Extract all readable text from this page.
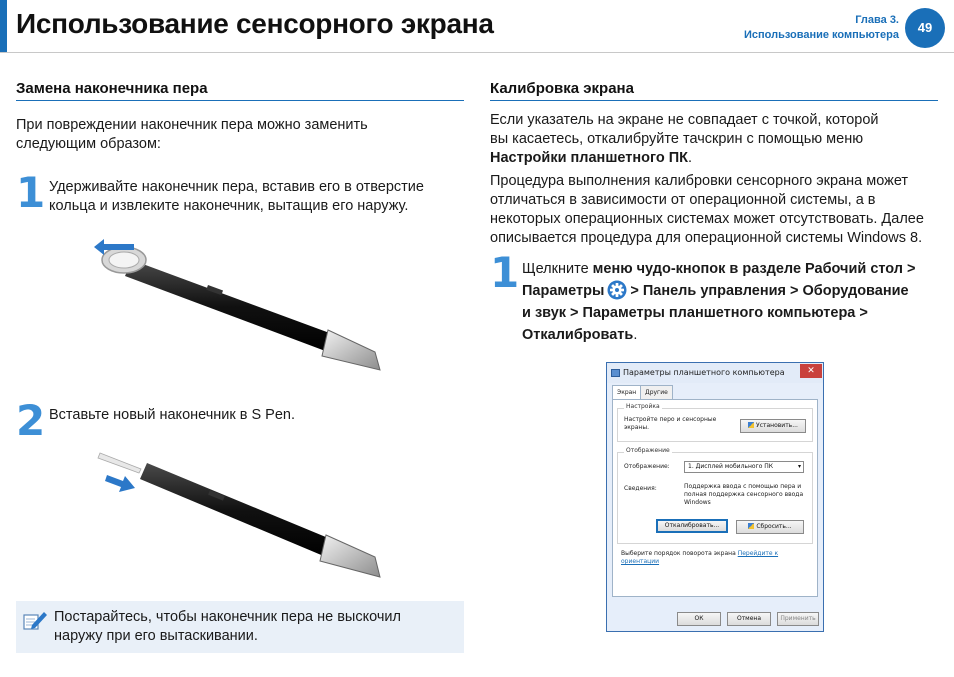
Использование сенсорного экрана	Глава 3.
Использование компьютера	49
Замена наконечника пера
При повреждении наконечник пера можно заменить
следующим образом:
1 Удерживайте наконечник пера, вставив его в отверстие
кольца и извлеките наконечник, вытащив его наружу.
2 Вставьте новый наконечник в S Pen.
Постарайтесь, чтобы наконечник пера не выскочил
наружу при его вытаскивании.
Калибровка экрана
Если указатель на экране не совпадает с точкой, которой
вы касаетесь, откалибруйте тачскрин с помощью меню
Настройки планшетного ПК.
Процедура выполнения калибровки сенсорного экрана может
отличаться в зависимости от операционной системы, а в
некоторых операционных системах может отсутствовать. Далее
описывается процедура для операционной системы Windows 8.
1 Щелкните меню чудо-кнопок в разделе Рабочий стол >
Параметры > Панель управления > Оборудование
и звук > Параметры планшетного компьютера >
Откалибровать.
Параметры планшетного компьютера	✕
Экран	Другие
Настройка
Настройте перо и сенсорные
экраны.	Установить...
Отображение
Отображение:	1. Дисплей мобильного ПК	▾
Сведения:	Поддержка ввода с помощью пера и
полная поддержка сенсорного ввода
Windows
Откалибровать...	Сбросить...
Выберите порядок поворота экрана Перейдите к
ориентации
ОК	Отмена	Применить
